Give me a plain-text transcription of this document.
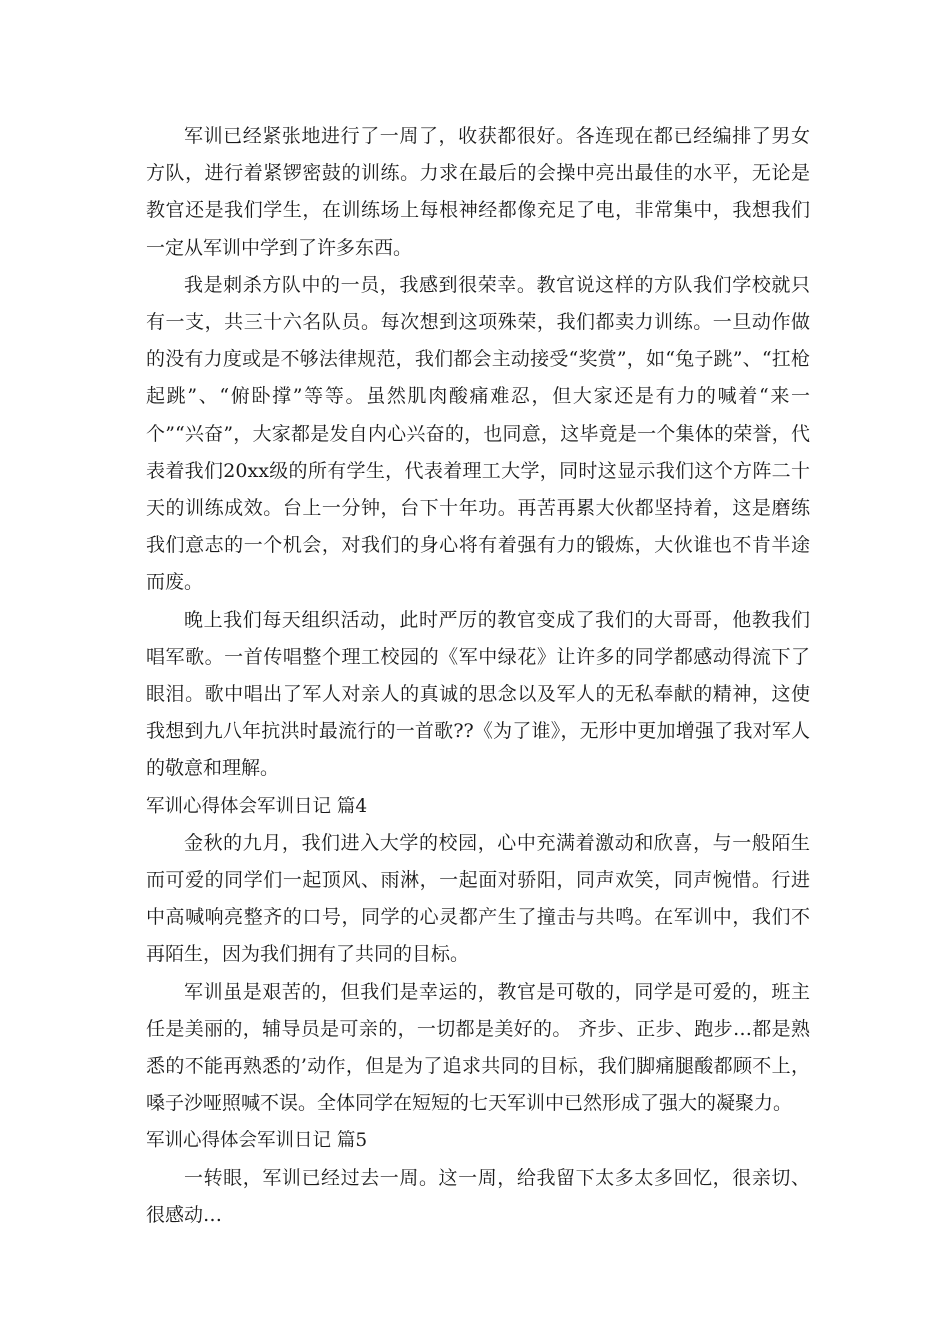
军训已经紧张地进行了一周了，收获都很好。各连现在都已经编排了男女方队，进行着紧锣密鼓的训练。力求在最后的会操中亮出最佳的水平，无论是教官还是我们学生，在训练场上每根神经都像充足了电，非常集中，我想我们一定从军训中学到了许多东西。

我是刺杀方队中的一员，我感到很荣幸。教官说这样的方队我们学校就只有一支，共三十六名队员。每次想到这项殊荣，我们都卖力训练。一旦动作做的没有力度或是不够法律规范，我们都会主动接受“奖赏”，如“兔子跳”、“扛枪起跳”、“俯卧撑”等等。虽然肌肉酸痛难忍，但大家还是有力的喊着“来一个”“兴奋”，大家都是发自内心兴奋的，也同意，这毕竟是一个集体的荣誉，代表着我们20xx级的所有学生，代表着理工大学，同时这显示我们这个方阵二十天的训练成效。台上一分钟，台下十年功。再苦再累大伙都坚持着，这是磨练我们意志的一个机会，对我们的身心将有着强有力的锻炼，大伙谁也不肯半途而废。

晚上我们每天组织活动，此时严厉的教官变成了我们的大哥哥，他教我们唱军歌。一首传唱整个理工校园的《军中绿花》让许多的同学都感动得流下了眼泪。歌中唱出了军人对亲人的真诚的思念以及军人的无私奉献的精神，这使我想到九八年抗洪时最流行的一首歌??《为了谁》，无形中更加增强了我对军人的敬意和理解。

军训心得体会军训日记 篇4

金秋的九月，我们进入大学的校园，心中充满着激动和欣喜，与一般陌生而可爱的同学们一起顶风、雨淋，一起面对骄阳，同声欢笑，同声惋惜。行进中高喊响亮整齐的口号，同学的心灵都产生了撞击与共鸣。在军训中，我们不再陌生，因为我们拥有了共同的目标。

军训虽是艰苦的，但我们是幸运的，教官是可敬的，同学是可爱的，班主任是美丽的，辅导员是可亲的，一切都是美好的。 齐步、正步、跑步…都是熟悉的不能再熟悉的’动作，但是为了追求共同的目标，我们脚痛腿酸都顾不上，嗓子沙哑照喊不误。全体同学在短短的七天军训中已然形成了强大的凝聚力。

军训心得体会军训日记 篇5

一转眼，军训已经过去一周。这一周，给我留下太多太多回忆，很亲切、很感动…
